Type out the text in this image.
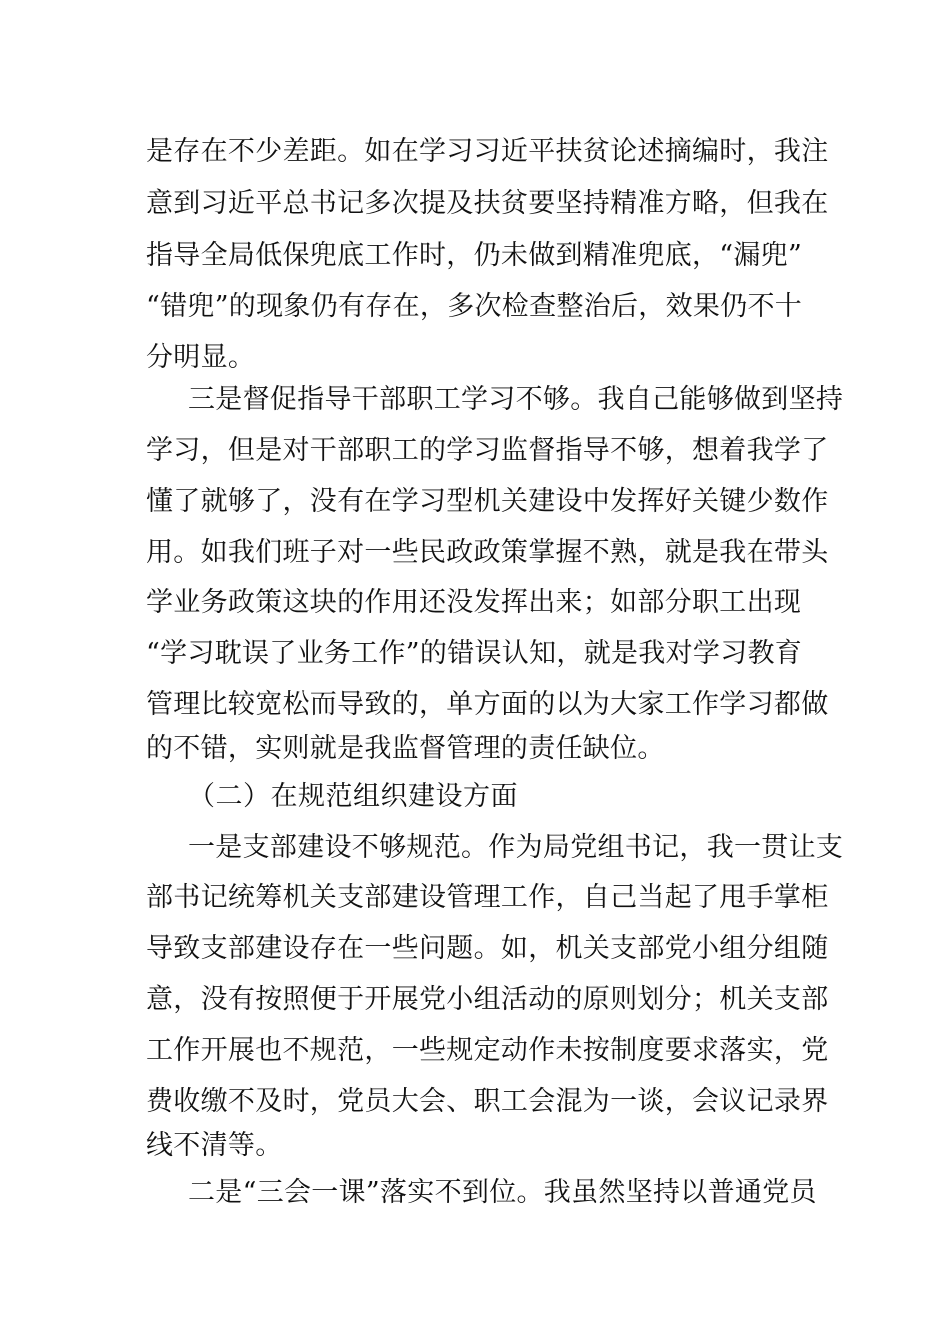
是存在不少差距。如在学习习近平扶贫论述摘编时，我注
意到习近平总书记多次提及扶贫要坚持精准方略，但我在
指导全局低保兜底工作时，仍未做到精准兜底，“漏兜”
“错兜”的现象仍有存在，多次检查整治后，效果仍不十
分明显。
三是督促指导干部职工学习不够。我自己能够做到坚持
学习，但是对干部职工的学习监督指导不够，想着我学了
懂了就够了，没有在学习型机关建设中发挥好关键少数作
用。如我们班子对一些民政政策掌握不熟，就是我在带头
学业务政策这块的作用还没发挥出来；如部分职工出现
“学习耽误了业务工作”的错误认知，就是我对学习教育
管理比较宽松而导致的，单方面的以为大家工作学习都做
的不错，实则就是我监督管理的责任缺位。
（二）在规范组织建设方面
一是支部建设不够规范。作为局党组书记，我一贯让支
部书记统筹机关支部建设管理工作，自己当起了甩手掌柜
导致支部建设存在一些问题。如，机关支部党小组分组随
意，没有按照便于开展党小组活动的原则划分；机关支部
工作开展也不规范，一些规定动作未按制度要求落实，党
费收缴不及时，党员大会、职工会混为一谈，会议记录界
线不清等。
二是“三会一课”落实不到位。我虽然坚持以普通党员
